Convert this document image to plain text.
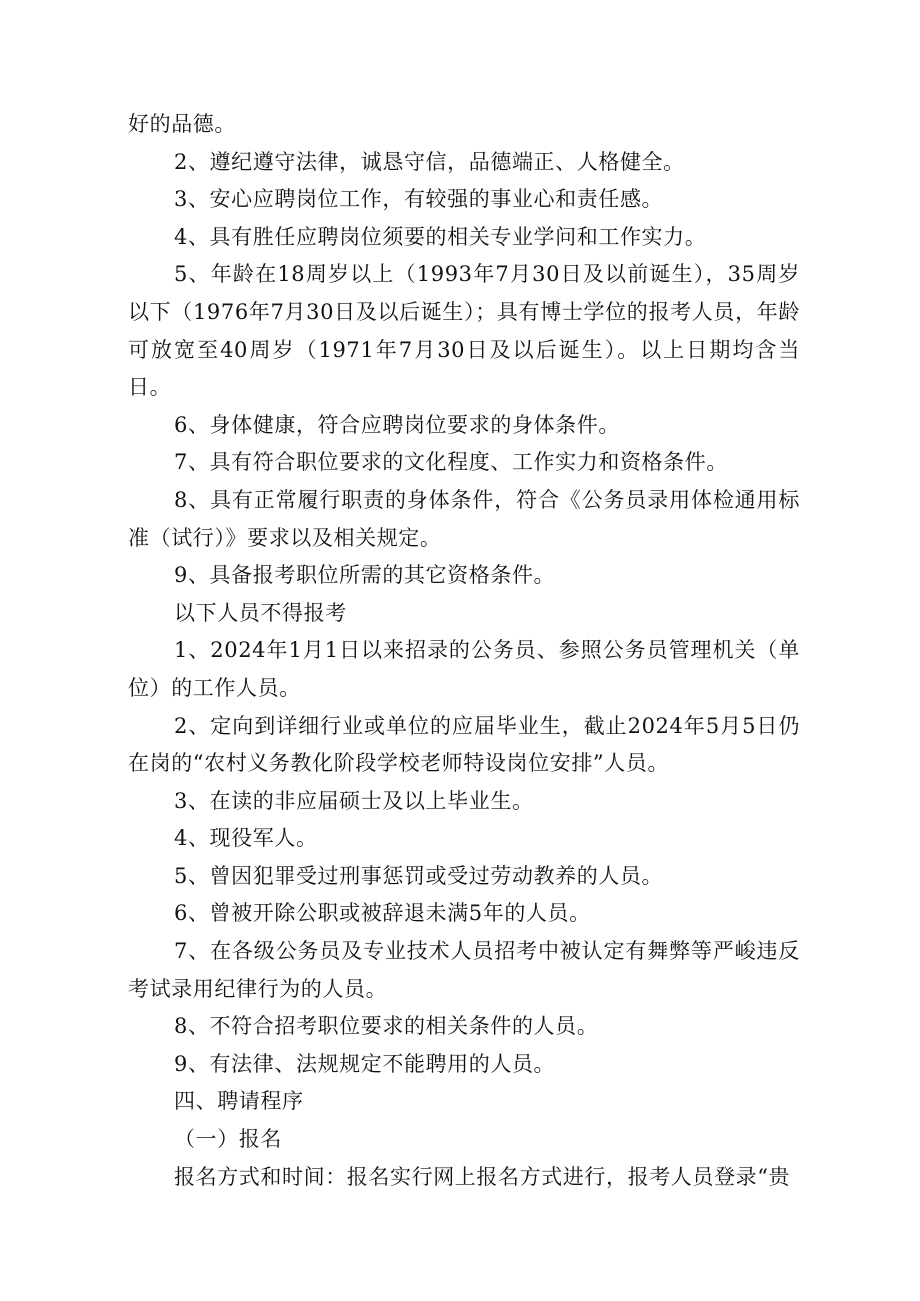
好的品德。

2、遵纪遵守法律，诚恳守信，品德端正、人格健全。

3、安心应聘岗位工作，有较强的事业心和责任感。

4、具有胜任应聘岗位须要的相关专业学问和工作实力。

5、年龄在18周岁以上（1993年7月30日及以前诞生），35周岁以下（1976年7月30日及以后诞生）；具有博士学位的报考人员，年龄可放宽至40周岁（1971年7月30日及以后诞生）。以上日期均含当日。

6、身体健康，符合应聘岗位要求的身体条件。

7、具有符合职位要求的文化程度、工作实力和资格条件。

8、具有正常履行职责的身体条件，符合《公务员录用体检通用标准（试行）》要求以及相关规定。

9、具备报考职位所需的其它资格条件。

以下人员不得报考

1、2024年1月1日以来招录的公务员、参照公务员管理机关（单位）的工作人员。

2、定向到详细行业或单位的应届毕业生，截止2024年5月5日仍在岗的“农村义务教化阶段学校老师特设岗位安排”人员。

3、在读的非应届硕士及以上毕业生。

4、现役军人。

5、曾因犯罪受过刑事惩罚或受过劳动教养的人员。

6、曾被开除公职或被辞退未满5年的人员。

7、在各级公务员及专业技术人员招考中被认定有舞弊等严峻违反考试录用纪律行为的人员。

8、不符合招考职位要求的相关条件的人员。

9、有法律、法规规定不能聘用的人员。

四、聘请程序

（一）报名

报名方式和时间：报名实行网上报名方式进行，报考人员登录“贵
